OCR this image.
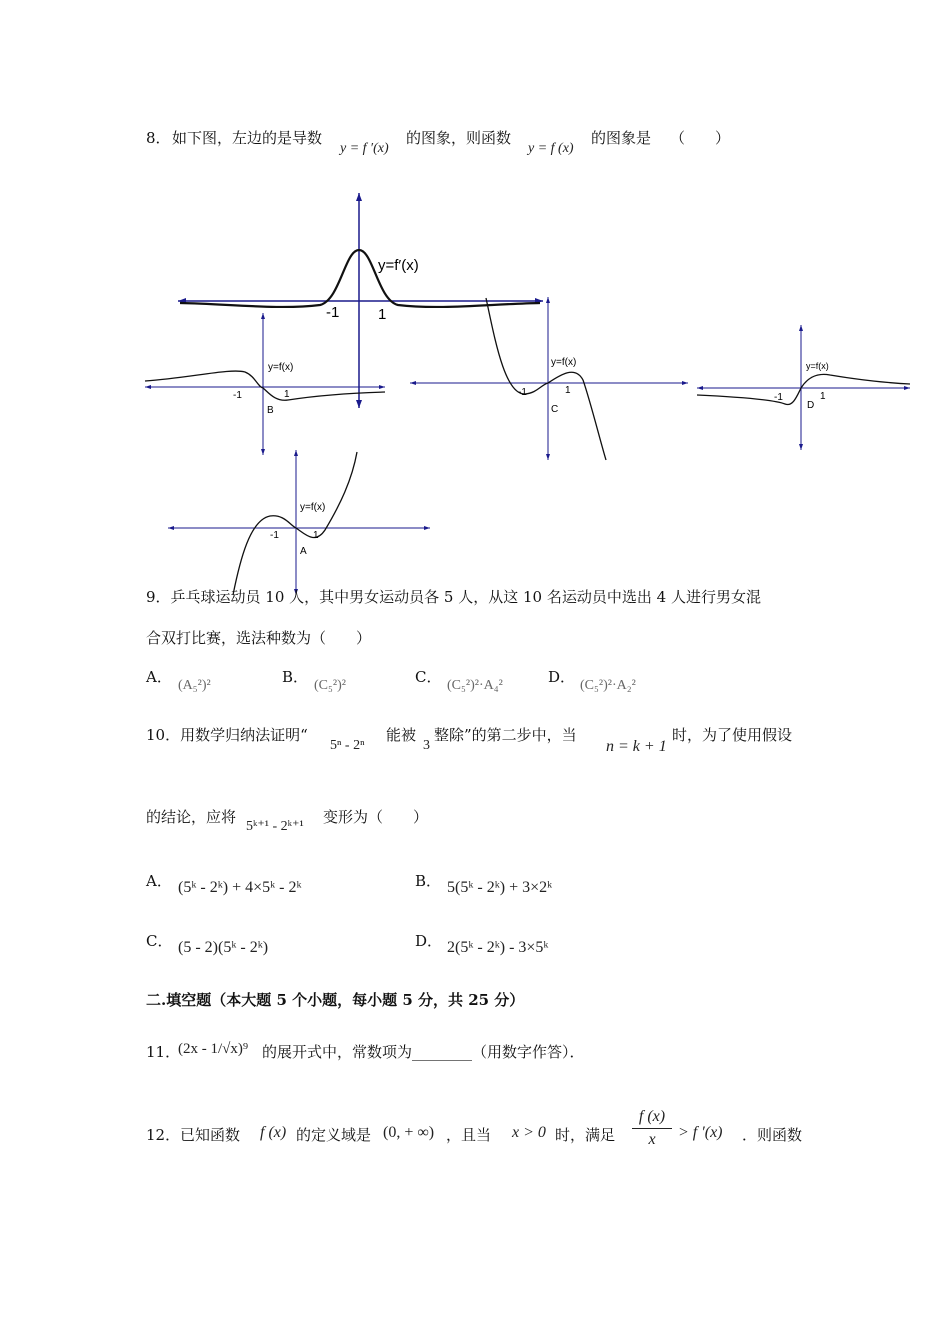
8． 如下图，左边的是导数
y = f ′(x)
的图象，则函数
y = f (x)
的图象是 （　　）
y=f′(x)
-1	1
y=f(x)
-1	1
B
y=f(x)
-1	1
C
y=f(x)
-1	1
D
y=f(x)
-1	1
A
9．乒乓球运动员 10 人，其中男女运动员各 5 人，从这 10 名运动员中选出 4 人进行男女混
合双打比赛，选法种数为（　　）
A． (A₅²)²	B． (C₅²)²	C． (C₅²)²·A₄²	D． (C₅²)²·A₂²
10．用数学归纳法证明“
5ⁿ - 2ⁿ
能被
3
整除”的第二步中，当
n = k + 1
时，为了使用假设
的结论，应将
5ᵏ⁺¹ - 2ᵏ⁺¹
变形为（　　）
A． (5ᵏ - 2ᵏ) + 4×5ᵏ - 2ᵏ	B． 5(5ᵏ - 2ᵏ) + 3×2ᵏ
C． (5 - 2)(5ᵏ - 2ᵏ)	D． 2(5ᵏ - 2ᵏ) - 3×5ᵏ
二.填空题（本大题 5 个小题，每小题 5 分，共 25 分）
11．
(2x - 1/√x)⁹ 的展开式中，常数项为________（用数字作答）．
12． 已知函数 f (x) 的定义域是 (0, + ∞) ，且当 x > 0 时，满足 $\frac{f (x)}{x} > f$ ′(x) ．则函数
